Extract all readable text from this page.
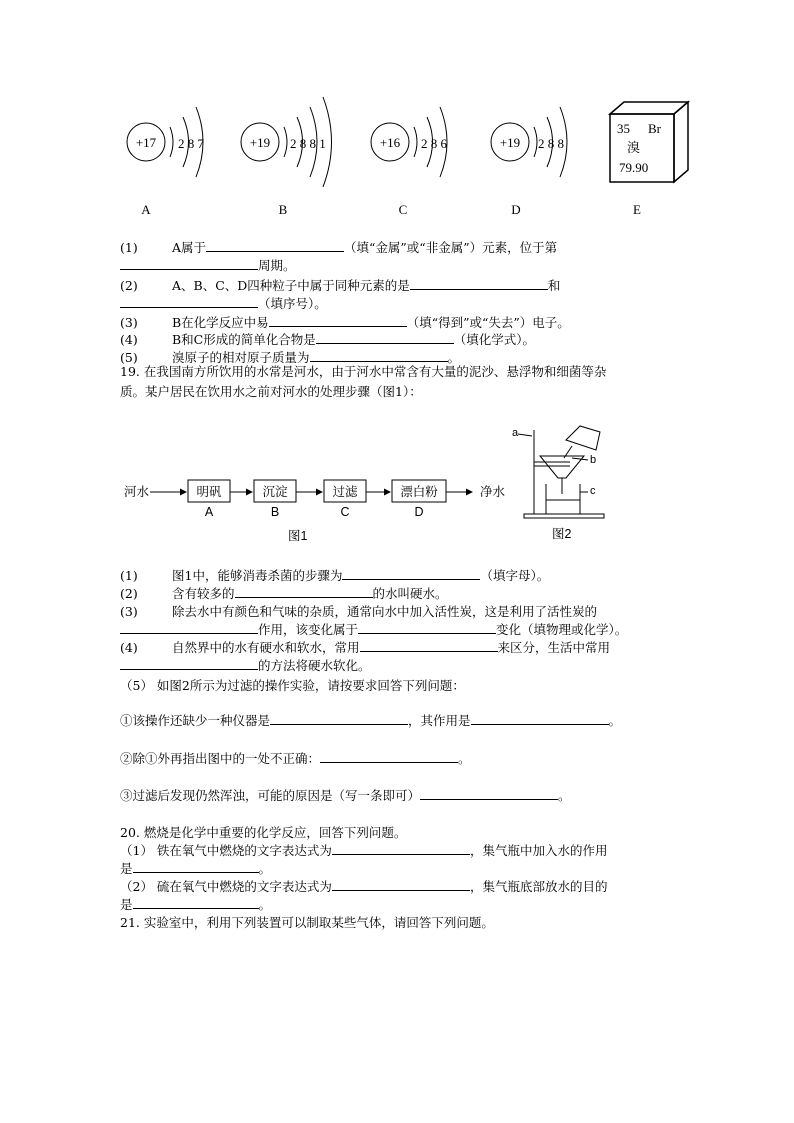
+17 2 8 7
A
+19 2 8 8 1
B
+16 2 8 6
C
+19 2 8 8
D
35 Br
溴
79.90
E
(1)	A属于	（填“金属”或“非金属”）元素，位于第
周期。
(2)	A、B、C、D四种粒子中属于同种元素的是	和
（填序号）。
(3)	B在化学反应中易	（填“得到”或“失去”）电子。
(4)	B和C形成的简单化合物是	（填化学式）。
(5)	溴原子的相对原子质量为	。
19. 在我国南方所饮用的水常是河水，由于河水中常含有大量的泥沙、悬浮物和细菌等杂
质。某户居民在饮用水之前对河水的处理步骤（图1）：
河水	明矾
A
沉淀
B
过滤
C
漂白粉
D
净水
图1
a
b
c
图2
(1)	图1中，能够消毒杀菌的步骤为	（填字母）。
(2)	含有较多的	的水叫硬水。
(3)	除去水中有颜色和气味的杂质，通常向水中加入活性炭，这是利用了活性炭的
作用，该变化属于	变化（填物理或化学）。
(4)	自然界中的水有硬水和软水，常用	来区分，生活中常用
的方法将硬水软化。
（5） 如图2所示为过滤的操作实验，请按要求回答下列问题：
①该操作还缺少一种仪器是	，其作用是	。
②除①外再指出图中的一处不正确：	。
③过滤后发现仍然浑浊，可能的原因是（写一条即可）	。
20. 燃烧是化学中重要的化学反应，回答下列问题。
（1） 铁在氧气中燃烧的文字表达式为	，集气瓶中加入水的作用
是	。
（2） 硫在氧气中燃烧的文字表达式为	，集气瓶底部放水的目的
是	。
21. 实验室中，利用下列装置可以制取某些气体，请回答下列问题。
